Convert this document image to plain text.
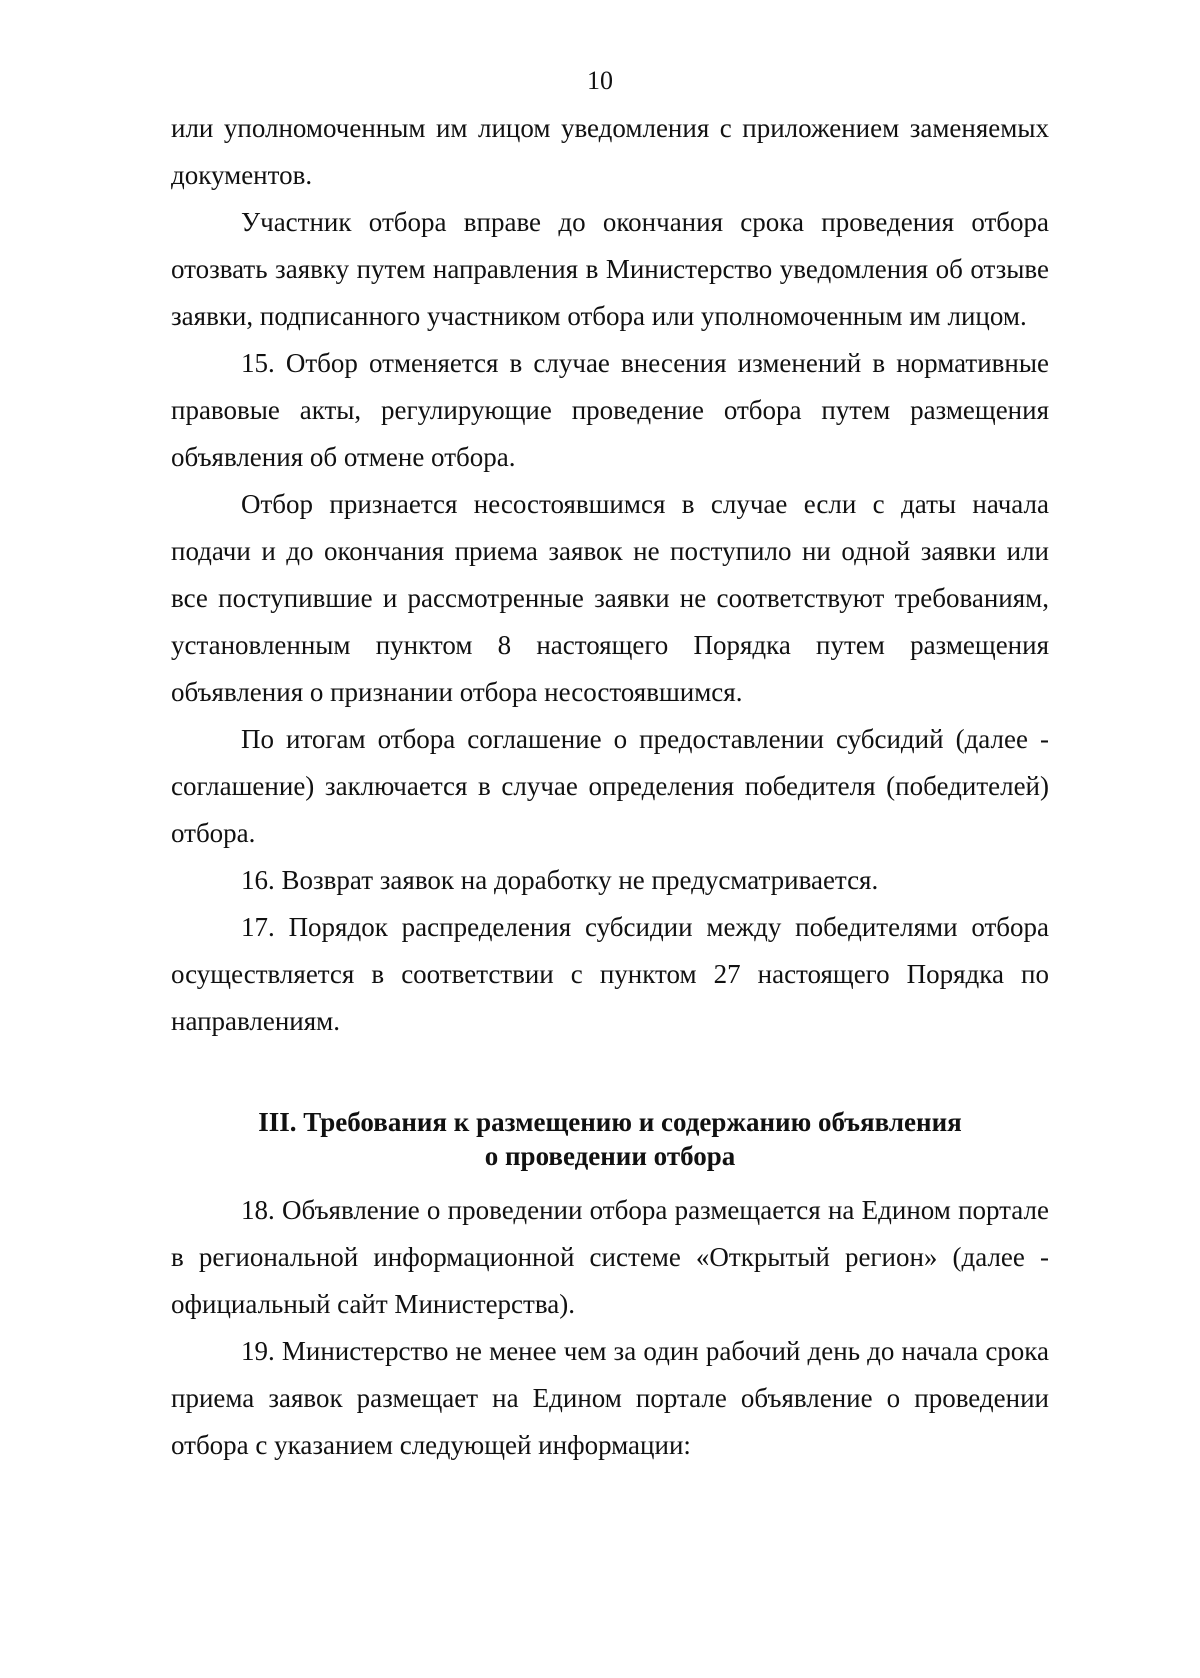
10

или уполномоченным им лицом уведомления с приложением заменяемых документов.

Участник отбора вправе до окончания срока проведения отбора отозвать заявку путем направления в Министерство уведомления об отзыве заявки, подписанного участником отбора или уполномоченным им лицом.

15. Отбор отменяется в случае внесения изменений в нормативные правовые акты, регулирующие проведение отбора путем размещения объявления об отмене отбора.

Отбор признается несостоявшимся в случае если с даты начала подачи и до окончания приема заявок не поступило ни одной заявки или все поступившие и рассмотренные заявки не соответствуют требованиям, установленным пунктом 8 настоящего Порядка путем размещения объявления о признании отбора несостоявшимся.

По итогам отбора соглашение о предоставлении субсидий (далее - соглашение) заключается в случае определения победителя (победителей) отбора.

16. Возврат заявок на доработку не предусматривается.

17. Порядок распределения субсидии между победителями отбора осуществляется в соответствии с пунктом 27 настоящего Порядка по направлениям.

III. Требования к размещению и содержанию объявления
о проведении отбора

18. Объявление о проведении отбора размещается на Едином портале в региональной информационной системе «Открытый регион» (далее - официальный сайт Министерства).

19. Министерство не менее чем за один рабочий день до начала срока приема заявок размещает на Едином портале объявление о проведении отбора с указанием следующей информации:
